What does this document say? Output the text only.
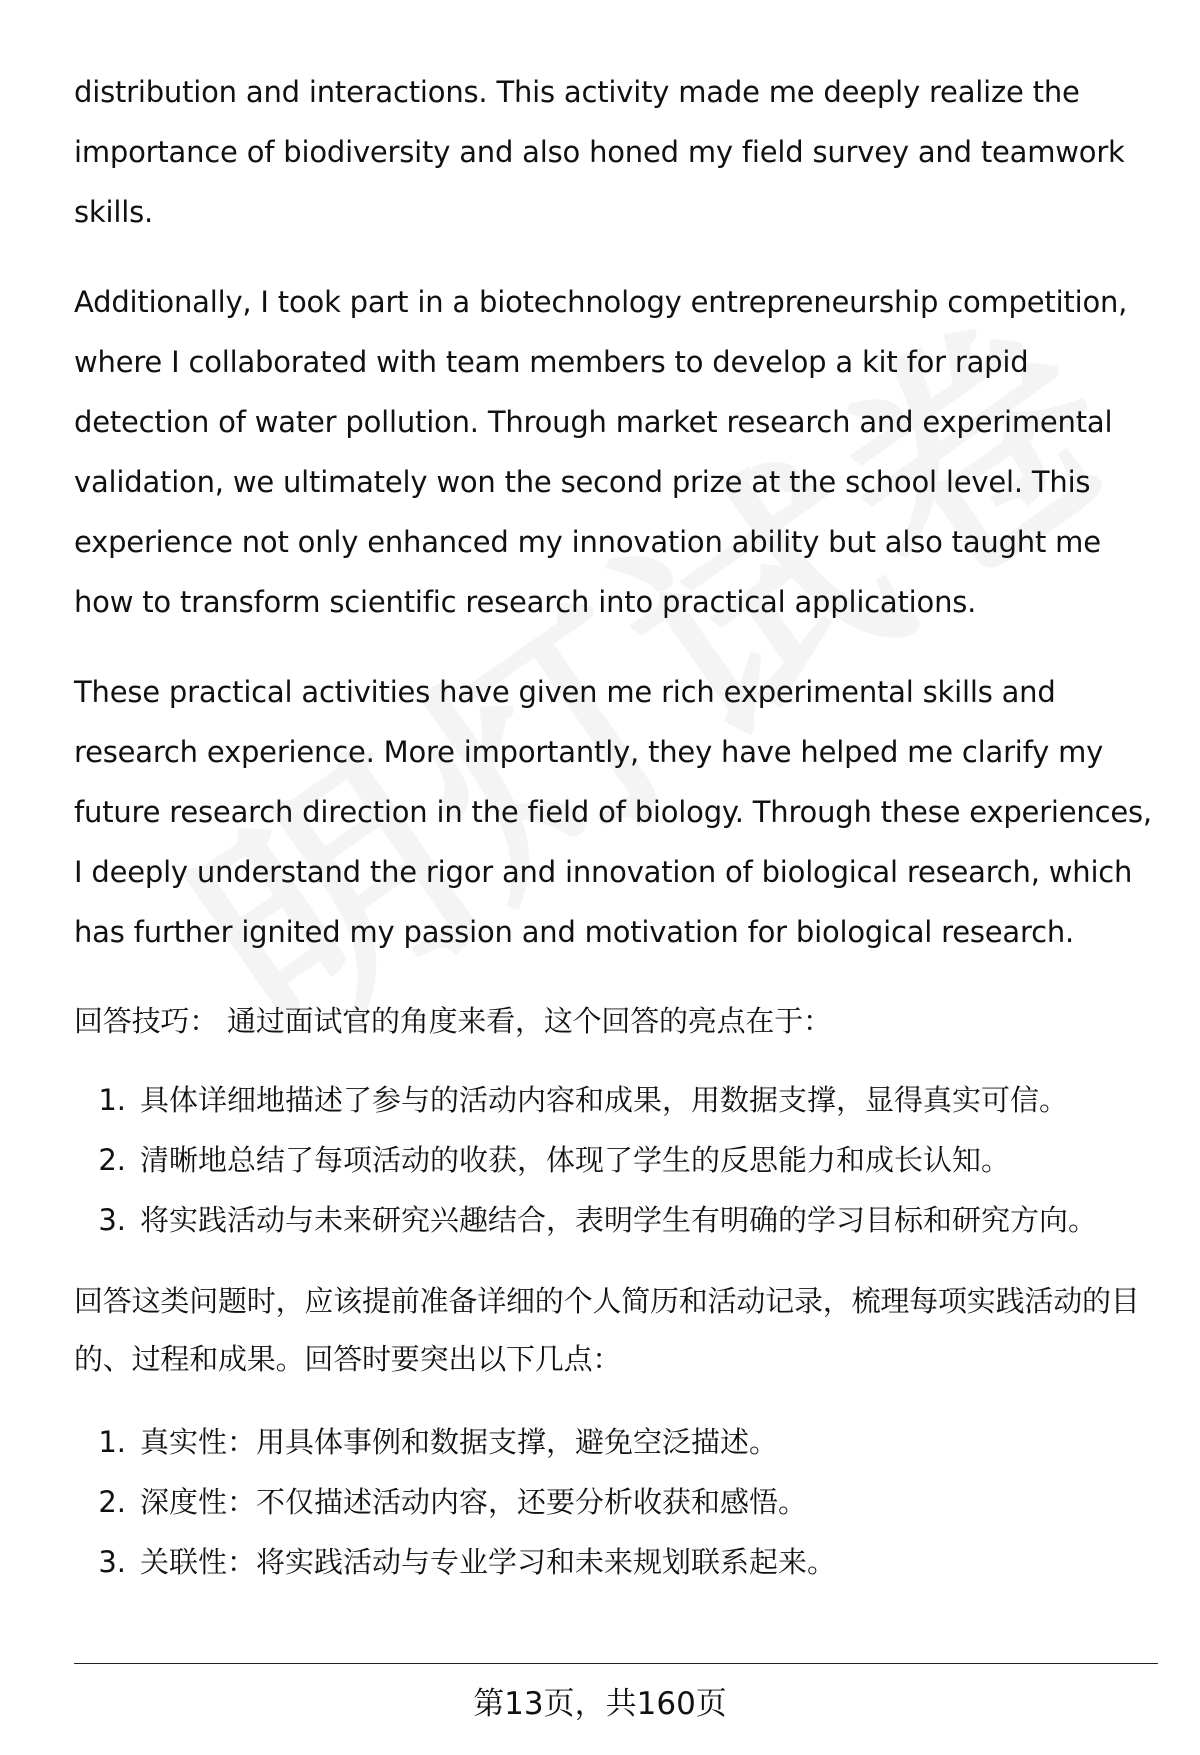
distribution and interactions. This activity made me deeply realize the importance of biodiversity and also honed my field survey and teamwork skills.

Additionally, I took part in a biotechnology entrepreneurship competition, where I collaborated with team members to develop a kit for rapid detection of water pollution. Through market research and experimental validation, we ultimately won the second prize at the school level. This experience not only enhanced my innovation ability but also taught me how to transform scientific research into practical applications.

These practical activities have given me rich experimental skills and research experience. More importantly, they have helped me clarify my future research direction in the field of biology. Through these experiences, I deeply understand the rigor and innovation of biological research, which has further ignited my passion and motivation for biological research.

回答技巧： 通过面试官的角度来看，这个回答的亮点在于：

1. 具体详细地描述了参与的活动内容和成果，用数据支撑，显得真实可信。
2. 清晰地总结了每项活动的收获，体现了学生的反思能力和成长认知。
3. 将实践活动与未来研究兴趣结合，表明学生有明确的学习目标和研究方向。

回答这类问题时，应该提前准备详细的个人简历和活动记录，梳理每项实践活动的目的、过程和成果。回答时要突出以下几点：

1. 真实性：用具体事例和数据支撑，避免空泛描述。
2. 深度性：不仅描述活动内容，还要分析收获和感悟。
3. 关联性：将实践活动与专业学习和未来规划联系起来。
第13页，共160页
